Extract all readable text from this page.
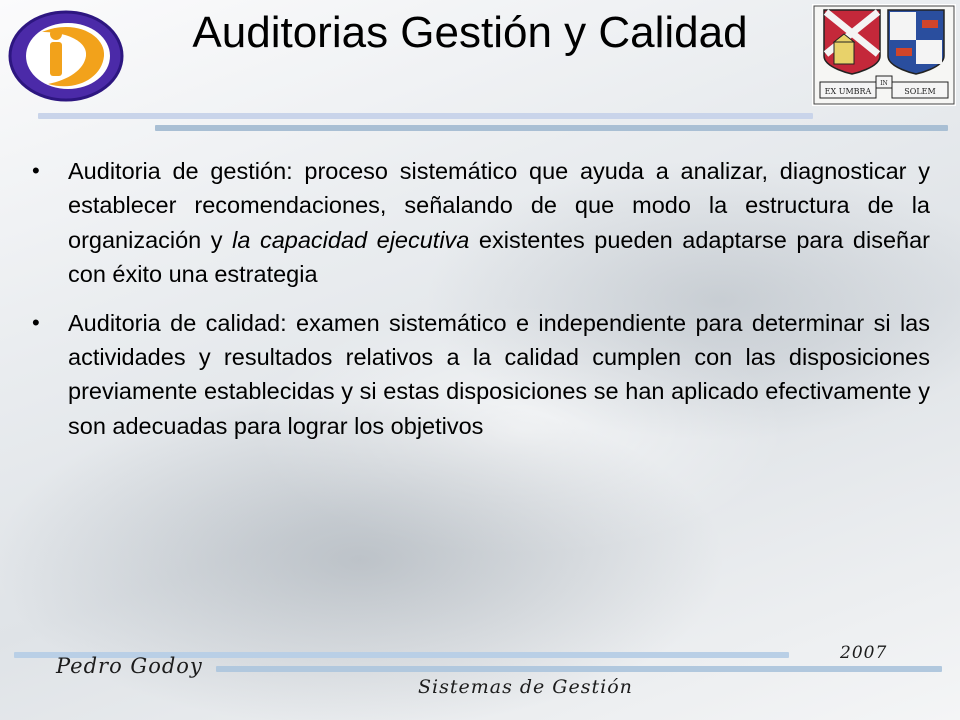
Auditorias Gestión y Calidad
EX UMBRA
IN
SOLEM
• Auditoria de gestión: proceso sistemático que ayuda a analizar, diagnosticar y establecer recomendaciones, señalando de que modo la estructura de la organización y la capacidad ejecutiva existentes pueden adaptarse para diseñar con éxito una estrategia
• Auditoria de calidad: examen sistemático e independiente para determinar si las actividades y resultados relativos a la calidad cumplen con las disposiciones previamente establecidas y si estas disposiciones se han aplicado efectivamente y son adecuadas para lograr los objetivos
Pedro Godoy
2007
Sistemas de Gestión
